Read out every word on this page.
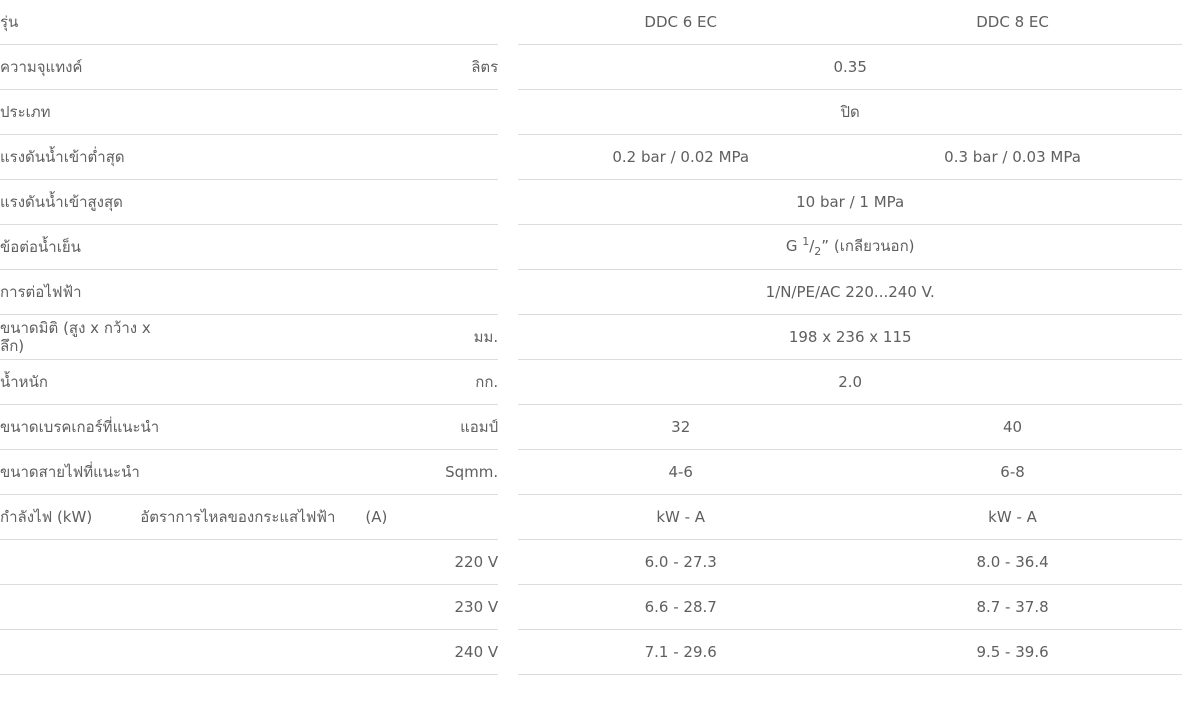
รุ่น			DDC 6 EC	DDC 8 EC
ความจุแทงค์	ลิตร		0.35	
ประเภท			ปิด	
แรงดันน้ำเข้าต่ำสุด			0.2 bar / 0.02 MPa	0.3 bar / 0.03 MPa
แรงดันน้ำเข้าสูงสุด			10 bar / 1 MPa	
ข้อต่อน้ำเย็น			G $^1/_2$” (เกลียวนอก)	
การต่อไฟฟ้า			1/N/PE/AC 220...240 V.	
ขนาดมิติ (สูง x กว้าง x ลึก)	มม.		198 x 236 x 115	
น้ำหนัก	กก.		2.0	
ขนาดเบรคเกอร์ที่แนะนำ	แอมป์		32	40
ขนาดสายไฟที่แนะนำ	Sqmm.		4-6	6-8

กำลังไฟ (kW) อัตราการไหลของกระแสไฟฟ้า (A)			kW - A	kW - A
	220 V		6.0 - 27.3	8.0 - 36.4
	230 V		6.6 - 28.7	8.7 - 37.8
	240 V		7.1 - 29.6	9.5 - 39.6
